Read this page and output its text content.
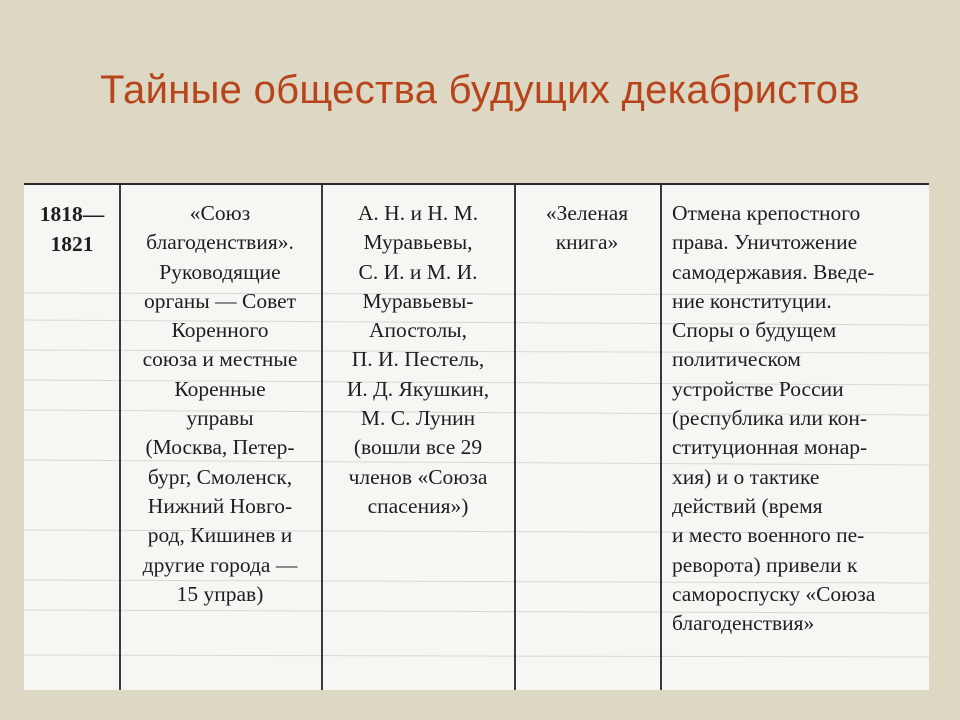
Тайные общества будущих декабристов
1818—
1821
«Союз
благоденствия».
Руководящие
органы — Совет
Коренного
союза и местные
Коренные
управы
(Москва, Петер-
бург, Смоленск,
Нижний Новго-
род, Кишинев и
другие города —
15 управ)
А. Н. и Н. М.
Муравьевы,
С. И. и М. И.
Муравьевы-
Апостолы,
П. И. Пестель,
И. Д. Якушкин,
М. С. Лунин
(вошли все 29
членов «Союза
спасения»)
«Зеленая
книга»
Отмена крепостного
права. Уничтожение
самодержавия. Введе-
ние конституции.
Споры о будущем
политическом
устройстве России
(республика или кон-
ституционная монар-
хия) и о тактике
действий (время
и место военного пе-
реворота) привели к
самороспуску «Союза
благоденствия»
